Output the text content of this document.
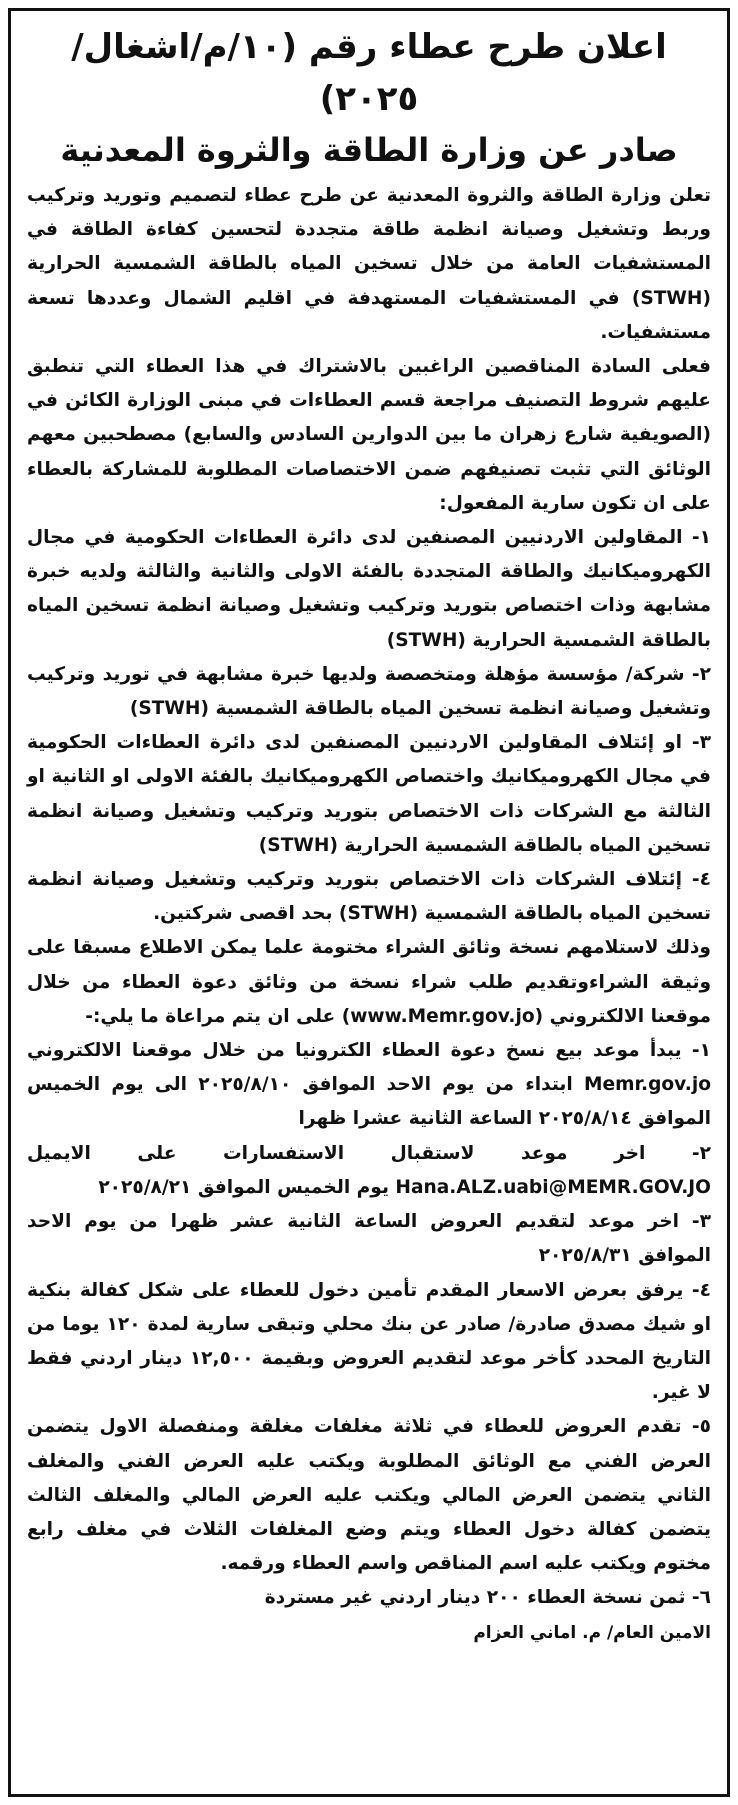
اعلان طرح عطاء رقم (١٠/م/اشغال/٢٠٢٥)
صادر عن وزارة الطاقة والثروة المعدنية

تعلن وزارة الطاقة والثروة المعدنية عن طرح عطاء لتصميم وتوريد وتركيب وربط وتشغيل وصيانة انظمة طاقة متجددة لتحسين كفاءة الطاقة في المستشفيات العامة من خلال تسخين المياه بالطاقة الشمسية الحرارية (STWH) في المستشفيات المستهدفة في اقليم الشمال وعددها تسعة مستشفيات.

فعلى السادة المناقصين الراغبين بالاشتراك في هذا العطاء التي تنطبق عليهم شروط التصنيف مراجعة قسم العطاءات في مبنى الوزارة الكائن في (الصويفية شارع زهران ما بين الدوارين السادس والسابع) مصطحبين معهم الوثائق التي تثبت تصنيفهم ضمن الاختصاصات المطلوبة للمشاركة بالعطاء على ان تكون سارية المفعول:

١- المقاولين الاردنيين المصنفين لدى دائرة العطاءات الحكومية في مجال الكهروميكانيك والطاقة المتجددة بالفئة الاولى والثانية والثالثة ولديه خبرة مشابهة وذات اختصاص بتوريد وتركيب وتشغيل وصيانة انظمة تسخين المياه بالطاقة الشمسية الحرارية (STWH)

٢- شركة/ مؤسسة مؤهلة ومتخصصة ولديها خبرة مشابهة في توريد وتركيب وتشغيل وصيانة انظمة تسخين المياه بالطاقة الشمسية (STWH)

٣- او إئتلاف المقاولين الاردنيين المصنفين لدى دائرة العطاءات الحكومية في مجال الكهروميكانيك واختصاص الكهروميكانيك بالفئة الاولى او الثانية او الثالثة مع الشركات ذات الاختصاص بتوريد وتركيب وتشغيل وصيانة انظمة تسخين المياه بالطاقة الشمسية الحرارية (STWH)

٤- إئتلاف الشركات ذات الاختصاص بتوريد وتركيب وتشغيل وصيانة انظمة تسخين المياه بالطاقة الشمسية (STWH) بحد اقصى شركتين.

وذلك لاستلامهم نسخة وثائق الشراء مختومة علما يمكن الاطلاع مسبقا على وثيقة الشراءوتقديم طلب شراء نسخة من وثائق دعوة العطاء من خلال موقعنا الالكتروني (www.Memr.gov.jo) على ان يتم مراعاة ما يلي:-

١- يبدأ موعد بيع نسخ دعوة العطاء الكترونيا من خلال موقعنا الالكتروني Memr.gov.jo ابتداء من يوم الاحد الموافق ٢٠٢٥/٨/١٠ الى يوم الخميس الموافق ٢٠٢٥/٨/١٤ الساعة الثانية عشرا ظهرا

٢- اخر موعد لاستقبال الاستفسارات على الايميل Hana.ALZ.uabi@MEMR.GOV.JO يوم الخميس الموافق ٢٠٢٥/٨/٢١

٣- اخر موعد لتقديم العروض الساعة الثانية عشر ظهرا من يوم الاحد الموافق ٢٠٢٥/٨/٣١

٤- يرفق بعرض الاسعار المقدم تأمين دخول للعطاء على شكل كفالة بنكية او شيك مصدق صادرة/ صادر عن بنك محلي وتبقى سارية لمدة ١٢٠ يوما من التاريخ المحدد كأخر موعد لتقديم العروض وبقيمة ١٢,٥٠٠ دينار اردني فقط لا غير.

٥- تقدم العروض للعطاء في ثلاثة مغلفات مغلقة ومنفصلة الاول يتضمن العرض الفني مع الوثائق المطلوبة ويكتب عليه العرض الفني والمغلف الثاني يتضمن العرض المالي ويكتب عليه العرض المالي والمغلف الثالث يتضمن كفالة دخول العطاء ويتم وضع المغلفات الثلاث في مغلف رابع مختوم ويكتب عليه اسم المناقص واسم العطاء ورقمه.

٦- ثمن نسخة العطاء ٢٠٠ دينار اردني غير مستردة

الامين العام/ م. اماني العزام
